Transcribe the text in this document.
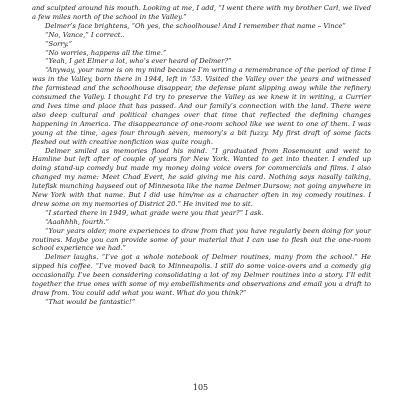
and sculpted around his mouth. Looking at me, I add, “I went there with my brother Carl, we lived a few miles north of the school in the Valley.”

Delmer’s face brightens, “Oh yes, the schoolhouse! And I remember that name – Vince”

“No, Vance,” I correct..

“Sorry.”

“No worries, happens all the time.”

“Yeah, I get Elmer a lot, who’s ever heard of Delmer?”

“Anyway, your name is on my mind because I’m writing a remembrance of the period of time I was in the Valley, born there in 1944, left in ’53. Visited the Valley over the years and witnessed the farmstead and the schoolhouse disappear, the defense plant slipping away while the refinery consumed the Valley. I thought I’d try to preserve the Valley as we knew it in writing, a Currier and Ives time and place that has passed. And our family’s connection with the land. There were also deep cultural and political changes over that time that reflected the defining changes happening in America. The disappearance of one-room school like we went to one of them. I was young at the time, ages four through seven, memory’s a bit fuzzy. My first draft of some facts fleshed out with creative nonfiction was quite rough.

Delmer smiled as memories flood his mind. “I graduated from Rosemount and went to Hamline but left after of couple of years for New York. Wanted to get into theater. I ended up doing stand-up comedy but made my money doing voice overs for commercials and films. I also changed my name: Meet Chad Evert, he said giving me his card. Nothing says nasally talking, lutefisk munching hayseed out of Minnesota like the name Delmer Dursow; not going anywhere in New York with that name. But I did use him/me as a character often in my comedy routines. I drew some on my memories of District 20.” He invited me to sit.

“I started there in 1949, what grade were you that year?” I ask.

“Aaahhhh, fourth.”

“Your years older, more experiences to draw from that you have regularly been doing for your routines. Maybe you can provide some of your material that I can use to flesh out the one-room school experience we had.”

Delmer laughs. “I’ve got a whole notebook of Delmer routines, many from the school.” He sipped his coffee. “I’ve moved back to Minneapolis. I still do some voice-overs and a comedy gig occasionally. I’ve been considering consolidating a lot of my Delmer routines into a story. I’ll edit together the true ones with some of my embellishments and observations and email you a draft to draw from. You could add what you want. What do you think?”

“That would be fantastic!”

105
